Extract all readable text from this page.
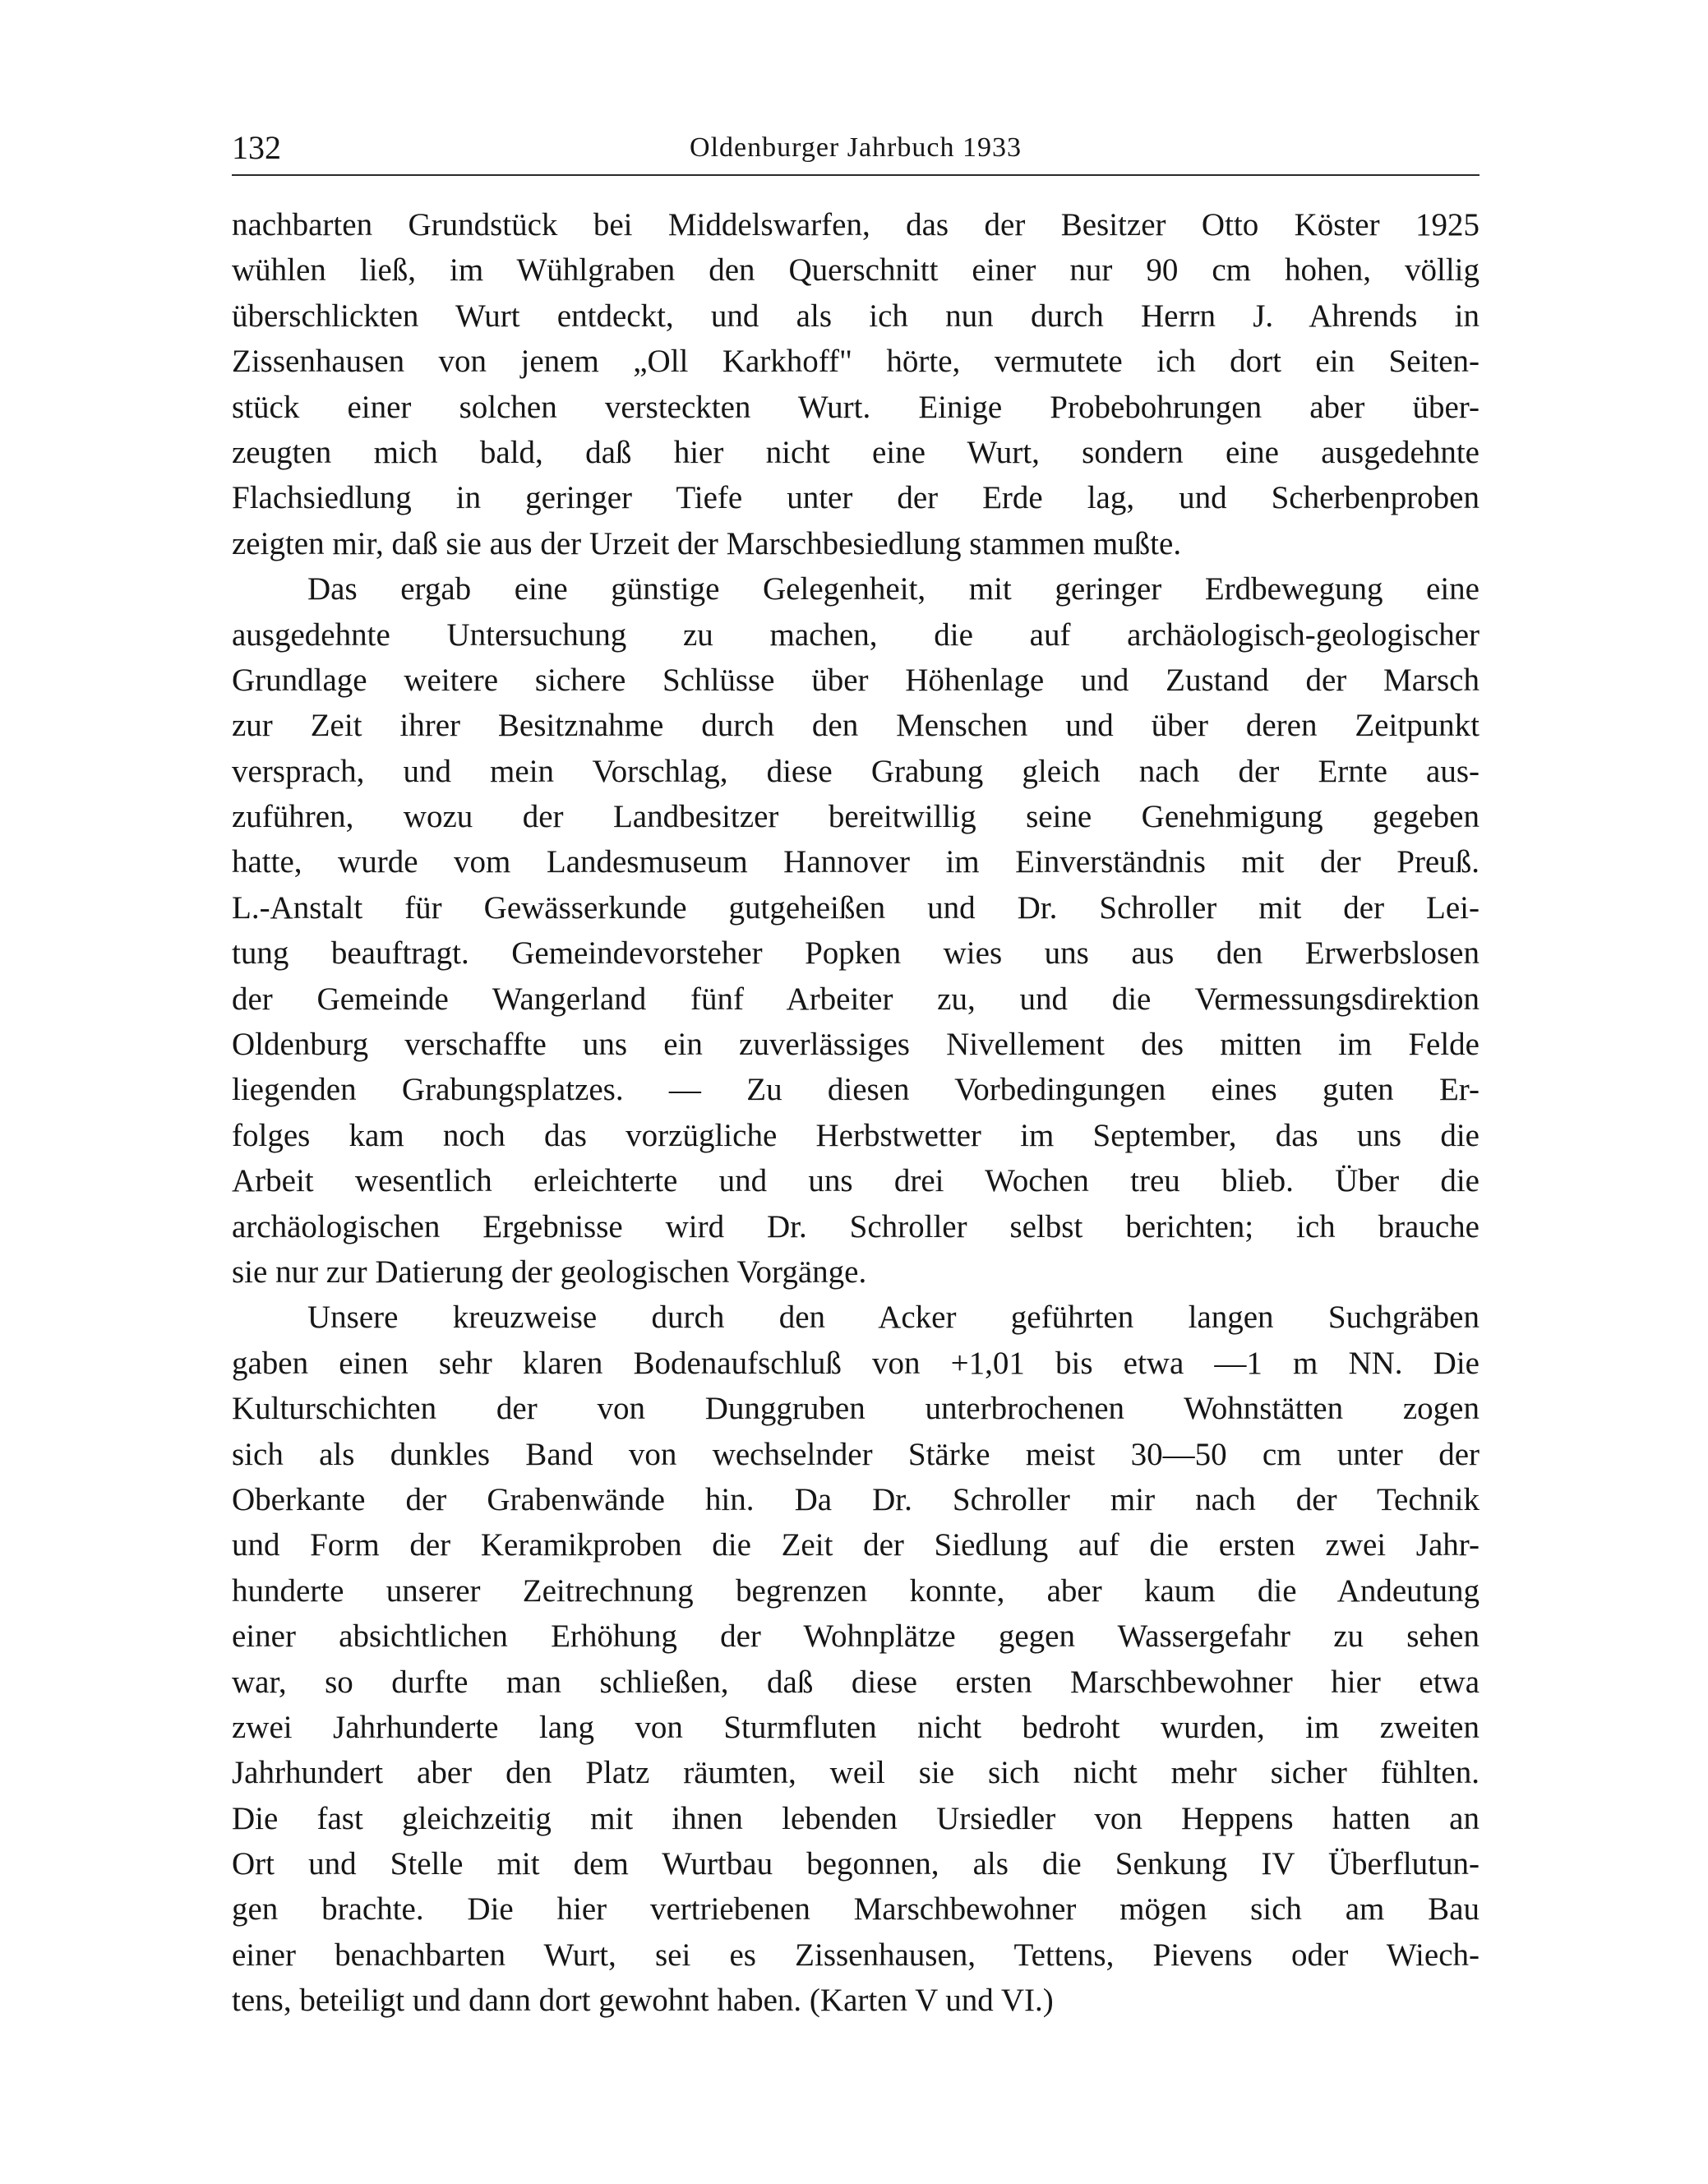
132	Oldenburger Jahrbuch 1933
nachbarten Grundstück bei Middelswarfen, das der Besitzer Otto Köster 1925
wühlen ließ, im Wühlgraben den Querschnitt einer nur 90 cm hohen, völlig
überschlickten Wurt entdeckt, und als ich nun durch Herrn J. Ahrends in
Zissenhausen von jenem „Oll Karkhoff" hörte, vermutete ich dort ein Seiten-
stück einer solchen versteckten Wurt. Einige Probebohrungen aber über-
zeugten mich bald, daß hier nicht eine Wurt, sondern eine ausgedehnte
Flachsiedlung in geringer Tiefe unter der Erde lag, und Scherbenproben
zeigten mir, daß sie aus der Urzeit der Marschbesiedlung stammen mußte.
Das ergab eine günstige Gelegenheit, mit geringer Erdbewegung eine
ausgedehnte Untersuchung zu machen, die auf archäologisch-geologischer
Grundlage weitere sichere Schlüsse über Höhenlage und Zustand der Marsch
zur Zeit ihrer Besitznahme durch den Menschen und über deren Zeitpunkt
versprach, und mein Vorschlag, diese Grabung gleich nach der Ernte aus-
zuführen, wozu der Landbesitzer bereitwillig seine Genehmigung gegeben
hatte, wurde vom Landesmuseum Hannover im Einverständnis mit der Preuß.
L.-Anstalt für Gewässerkunde gutgeheißen und Dr. Schroller mit der Lei-
tung beauftragt. Gemeindevorsteher Popken wies uns aus den Erwerbslosen
der Gemeinde Wangerland fünf Arbeiter zu, und die Vermessungsdirektion
Oldenburg verschaffte uns ein zuverlässiges Nivellement des mitten im Felde
liegenden Grabungsplatzes. — Zu diesen Vorbedingungen eines guten Er-
folges kam noch das vorzügliche Herbstwetter im September, das uns die
Arbeit wesentlich erleichterte und uns drei Wochen treu blieb. Über die
archäologischen Ergebnisse wird Dr. Schroller selbst berichten; ich brauche
sie nur zur Datierung der geologischen Vorgänge.
Unsere kreuzweise durch den Acker geführten langen Suchgräben
gaben einen sehr klaren Bodenaufschluß von +1,01 bis etwa —1 m NN. Die
Kulturschichten der von Dunggruben unterbrochenen Wohnstätten zogen
sich als dunkles Band von wechselnder Stärke meist 30—50 cm unter der
Oberkante der Grabenwände hin. Da Dr. Schroller mir nach der Technik
und Form der Keramikproben die Zeit der Siedlung auf die ersten zwei Jahr-
hunderte unserer Zeitrechnung begrenzen konnte, aber kaum die Andeutung
einer absichtlichen Erhöhung der Wohnplätze gegen Wassergefahr zu sehen
war, so durfte man schließen, daß diese ersten Marschbewohner hier etwa
zwei Jahrhunderte lang von Sturmfluten nicht bedroht wurden, im zweiten
Jahrhundert aber den Platz räumten, weil sie sich nicht mehr sicher fühlten.
Die fast gleichzeitig mit ihnen lebenden Ursiedler von Heppens hatten an
Ort und Stelle mit dem Wurtbau begonnen, als die Senkung IV Überflutun-
gen brachte. Die hier vertriebenen Marschbewohner mögen sich am Bau
einer benachbarten Wurt, sei es Zissenhausen, Tettens, Pievens oder Wiech-
tens, beteiligt und dann dort gewohnt haben. (Karten V und VI.)
